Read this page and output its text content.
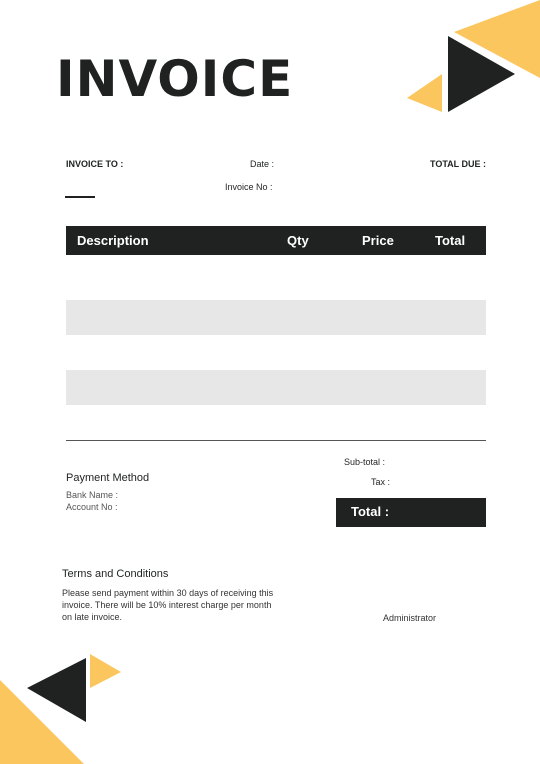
INVOICE
INVOICE TO :	Date :
Invoice No :
TOTAL DUE :
Description	Qty	Price	Total
Payment Method
Bank Name :
Account No :
Sub-total :
Tax :
Total :
Terms and Conditions
Please send payment within 30 days of receiving this invoice. There will be 10% interest charge per month on late invoice.	Administrator
